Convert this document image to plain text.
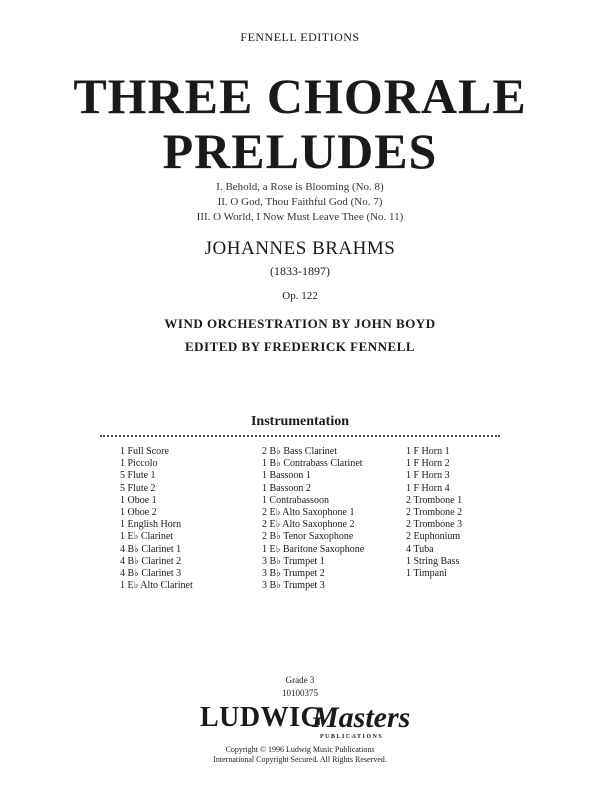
FENNELL EDITIONS
THREE CHORALE
PRELUDES
I. Behold, a Rose is Blooming (No. 8)
II. O God, Thou Faithful God (No. 7)
III. O World, I Now Must Leave Thee (No. 11)
JOHANNES BRAHMS
(1833-1897)
Op. 122
WIND ORCHESTRATION BY JOHN BOYD
EDITED BY FREDERICK FENNELL
Instrumentation
1 Full Score
1 Piccolo
5 Flute 1
5 Flute 2
1 Oboe 1
1 Oboe 2
1 English Horn
1 E♭ Clarinet
4 B♭ Clarinet 1
4 B♭ Clarinet 2
4 B♭ Clarinet 3
1 E♭ Alto Clarinet
2 B♭ Bass Clarinet
1 B♭ Contrabass Clarinet
1 Bassoon 1
1 Bassoon 2
1 Contrabassoon
2 E♭ Alto Saxophone 1
2 E♭ Alto Saxophone 2
2 B♭ Tenor Saxophone
1 E♭ Baritone Saxophone
3 B♭ Trumpet 1
3 B♭ Trumpet 2
3 B♭ Trumpet 3
1 F Horn 1
1 F Horn 2
1 F Horn 3
1 F Horn 4
2 Trombone 1
2 Trombone 2
2 Trombone 3
2 Euphonium
4 Tuba
1 String Bass
1 Timpani
Grade 3
10100375
LUDWIG
Masters
PUBLICATIONS
Copyright © 1996 Ludwig Music Publications
International Copyright Secured. All Rights Reserved.
